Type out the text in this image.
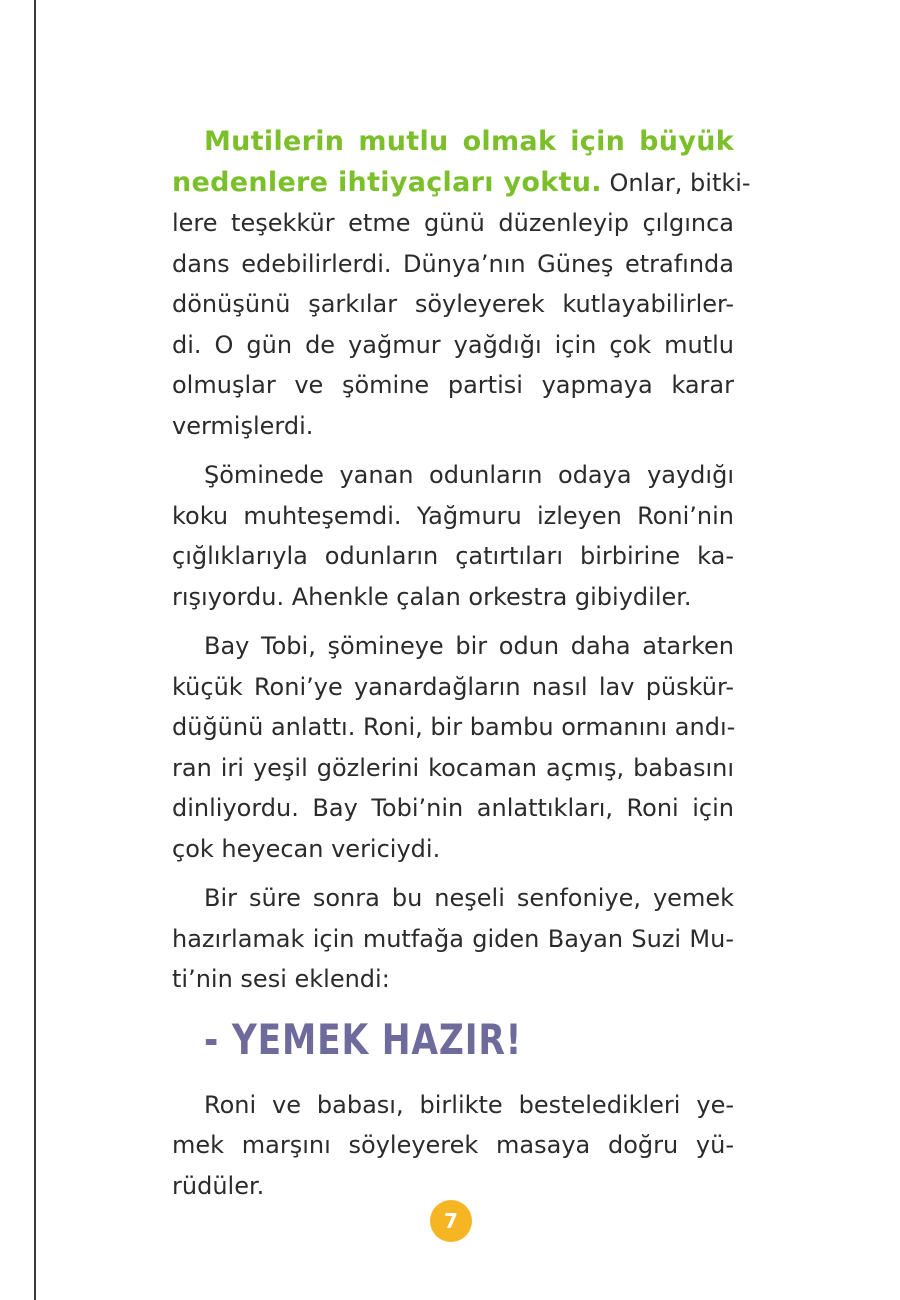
Mutilerin mutlu olmak için büyük
nedenlere ihtiyaçları yoktu. Onlar, bitki-
lere teşekkür etme günü düzenleyip çılgınca
dans edebilirlerdi. Dünya’nın Güneş etrafında
dönüşünü şarkılar söyleyerek kutlayabilirler-
di. O gün de yağmur yağdığı için çok mutlu
olmuşlar ve şömine partisi yapmaya karar
vermişlerdi.
Şöminede yanan odunların odaya yaydığı
koku muhteşemdi. Yağmuru izleyen Roni’nin
çığlıklarıyla odunların çatırtıları birbirine ka-
rışıyordu. Ahenkle çalan orkestra gibiydiler.
Bay Tobi, şömineye bir odun daha atarken
küçük Roni’ye yanardağların nasıl lav püskür-
düğünü anlattı. Roni, bir bambu ormanını andı-
ran iri yeşil gözlerini kocaman açmış, babasını
dinliyordu. Bay Tobi’nin anlattıkları, Roni için
çok heyecan vericiydi.
Bir süre sonra bu neşeli senfoniye, yemek
hazırlamak için mutfağa giden Bayan Suzi Mu-
ti’nin sesi eklendi:
- YEMEK HAZIR!
Roni ve babası, birlikte besteledikleri ye-
mek marşını söyleyerek masaya doğru yü-
rüdüler.
7
